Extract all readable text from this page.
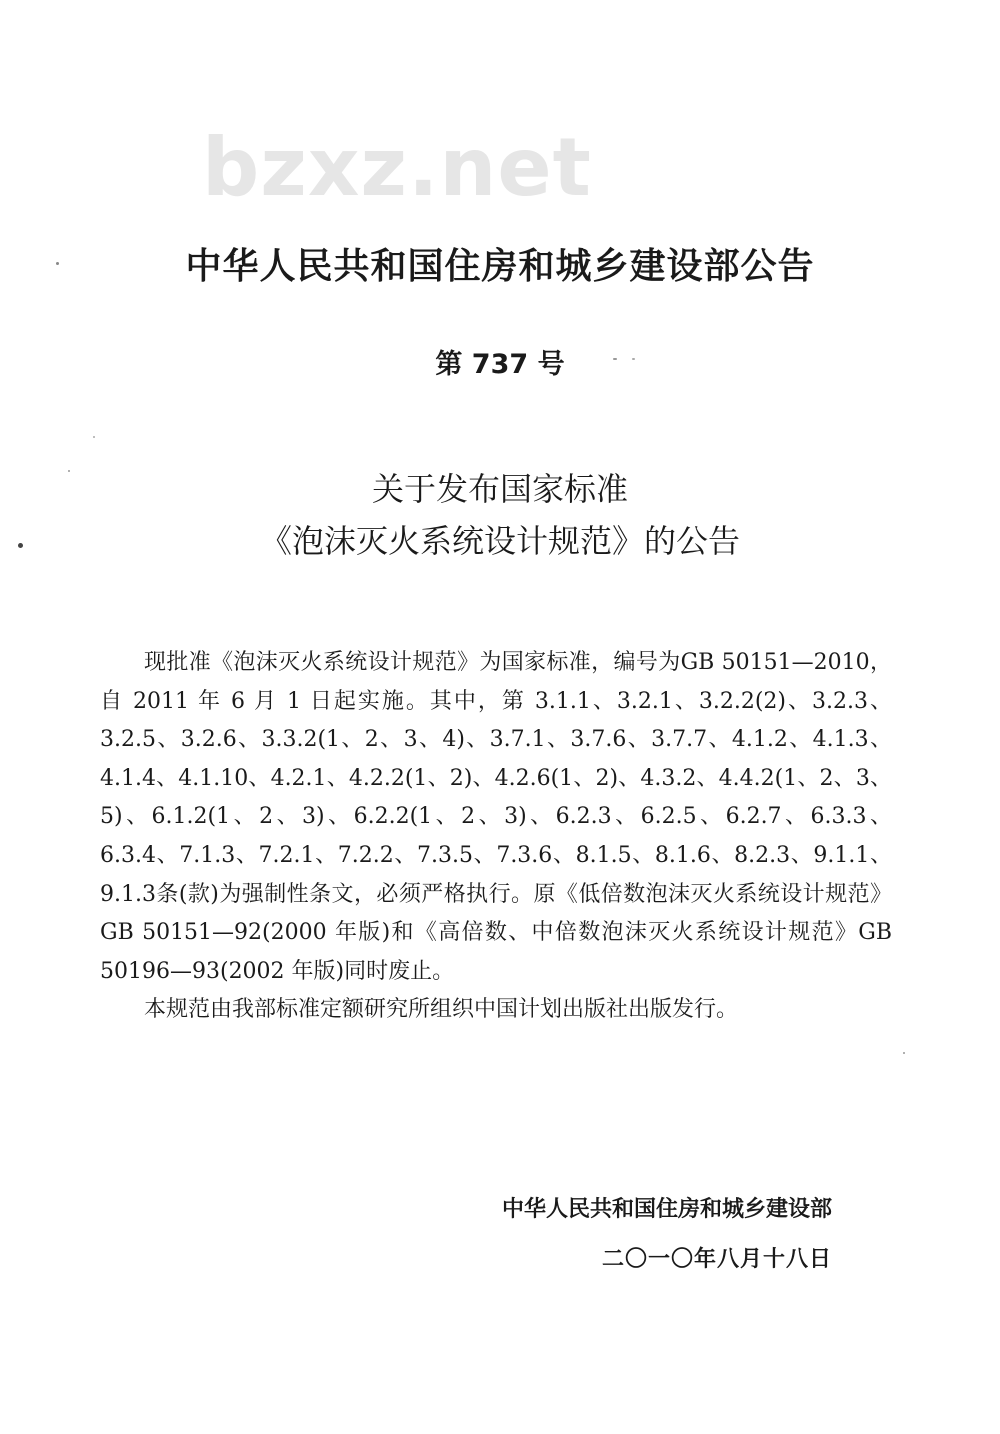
bzxz.net
中华人民共和国住房和城乡建设部公告
第 737 号
关于发布国家标准
《泡沫灭火系统设计规范》的公告

现批准《泡沫灭火系统设计规范》为国家标准，编号为GB 50151—2010，自 2011 年 6 月 1 日起实施。其中，第 3.1.1、3.2.1、3.2.2(2)、3.2.3、3.2.5、3.2.6、3.3.2(1、2、3、4)、3.7.1、3.7.6、3.7.7、4.1.2、4.1.3、4.1.4、4.1.10、4.2.1、4.2.2(1、2)、4.2.6(1、2)、4.3.2、4.4.2(1、2、3、5)、6.1.2(1、2、3)、6.2.2(1、2、3)、6.2.3、6.2.5、6.2.7、6.3.3、6.3.4、7.1.3、7.2.1、7.2.2、7.3.5、7.3.6、8.1.5、8.1.6、8.2.3、9.1.1、9.1.3条(款)为强制性条文，必须严格执行。原《低倍数泡沫灭火系统设计规范》GB 50151—92(2000 年版)和《高倍数、中倍数泡沫灭火系统设计规范》GB 50196—93(2002 年版)同时废止。

本规范由我部标准定额研究所组织中国计划出版社出版发行。

中华人民共和国住房和城乡建设部
二〇一〇年八月十八日
